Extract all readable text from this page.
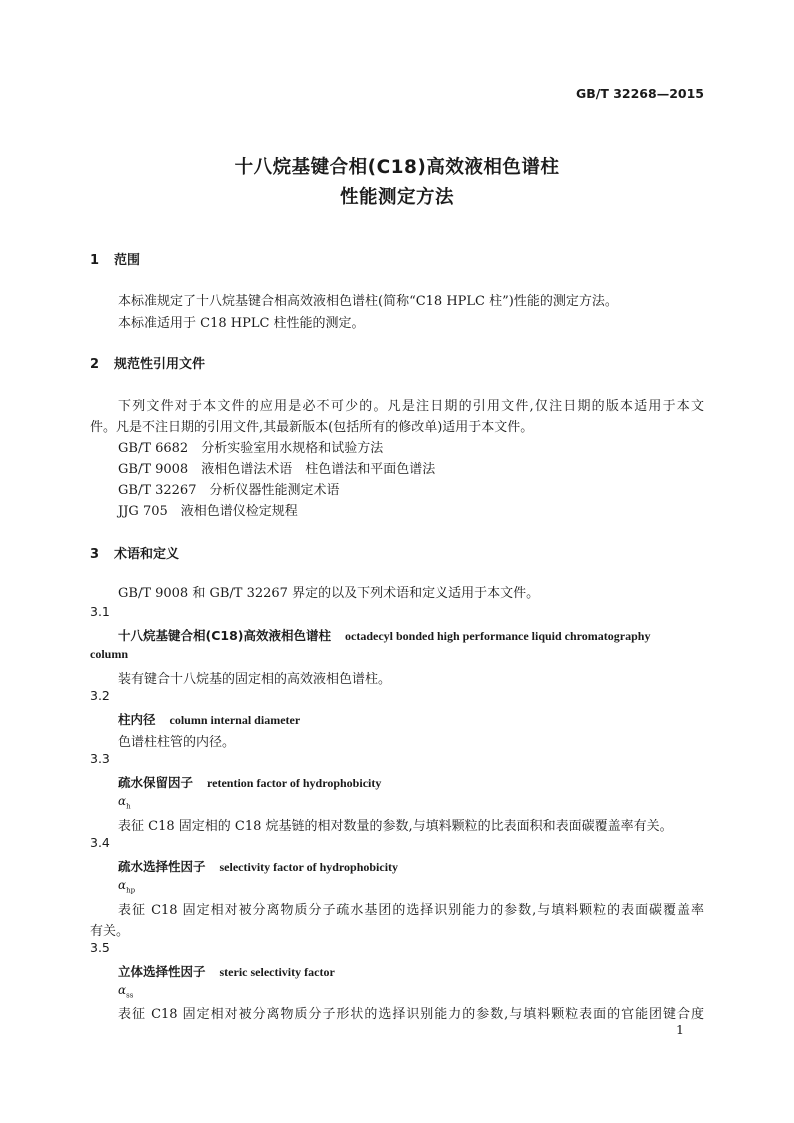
GB/T 32268—2015
十八烷基键合相(C18)高效液相色谱柱
性能测定方法
1 范围
本标准规定了十八烷基键合相高效液相色谱柱(简称“C18 HPLC 柱”)性能的测定方法。
本标准适用于 C18 HPLC 柱性能的测定。
2 规范性引用文件
下列文件对于本文件的应用是必不可少的。凡是注日期的引用文件,仅注日期的版本适用于本文
件。凡是不注日期的引用文件,其最新版本(包括所有的修改单)适用于本文件。
GB/T 6682　 分析实验室用水规格和试验方法
GB/T 9008　 液相色谱法术语　柱色谱法和平面色谱法
GB/T 32267　 分析仪器性能测定术语
JJG 705　 液相色谱仪检定规程
3 术语和定义
GB/T 9008 和 GB/T 32267 界定的以及下列术语和定义适用于本文件。
3.1
十八烷基键合相(C18)高效液相色谱柱 octadecyl bonded high performance liquid chromatography
column
装有键合十八烷基的固定相的高效液相色谱柱。
3.2
柱内径 column internal diameter
色谱柱柱管的内径。
3.3
疏水保留因子 retention factor of hydrophobicity
$\alpha_h$
表征 C18 固定相的 C18 烷基链的相对数量的参数,与填料颗粒的比表面积和表面碳覆盖率有关。
3.4
疏水选择性因子 selectivity factor of hydrophobicity
$\alpha_{hp}$
表征 C18 固定相对被分离物质分子疏水基团的选择识别能力的参数,与填料颗粒的表面碳覆盖率
有关。
3.5
立体选择性因子 steric selectivity factor
$\alpha_{ss}$
表征 C18 固定相对被分离物质分子形状的选择识别能力的参数,与填料颗粒表面的官能团键合度
1
